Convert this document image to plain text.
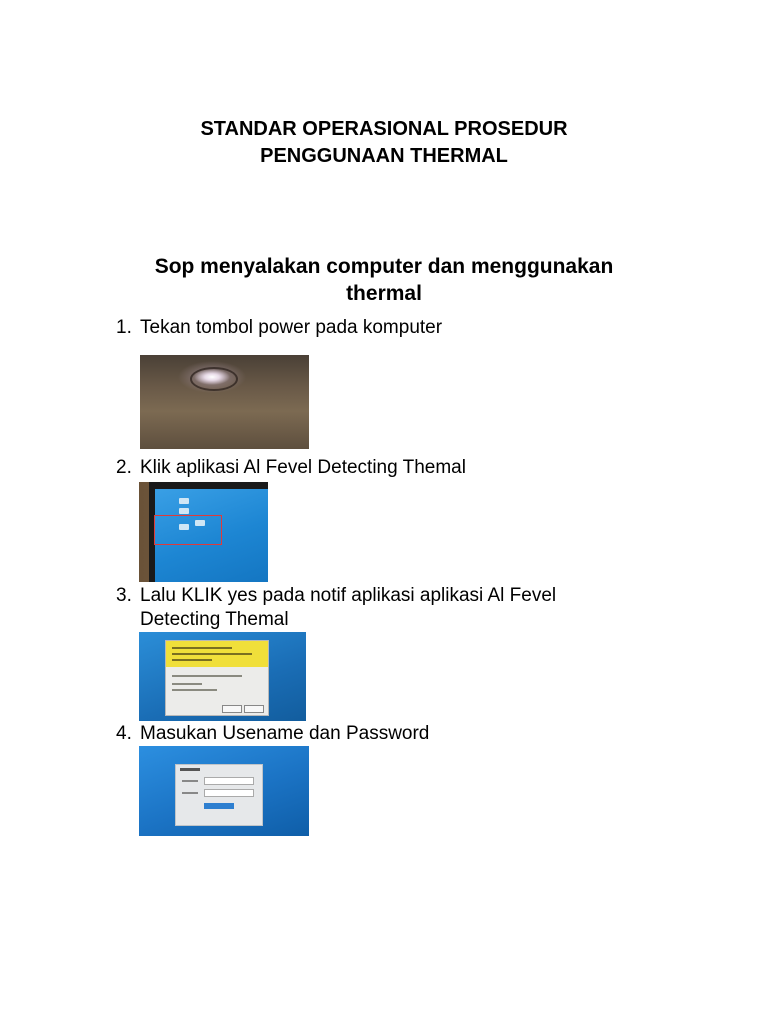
STANDAR OPERASIONAL PROSEDUR
PENGGUNAAN THERMAL
Sop menyalakan computer dan menggunakan
thermal
1. Tekan tombol power pada komputer
2. Klik aplikasi Al Fevel Detecting Themal
3. Lalu KLIK yes pada notif aplikasi aplikasi Al Fevel
Detecting Themal
4. Masukan Usename dan Password
